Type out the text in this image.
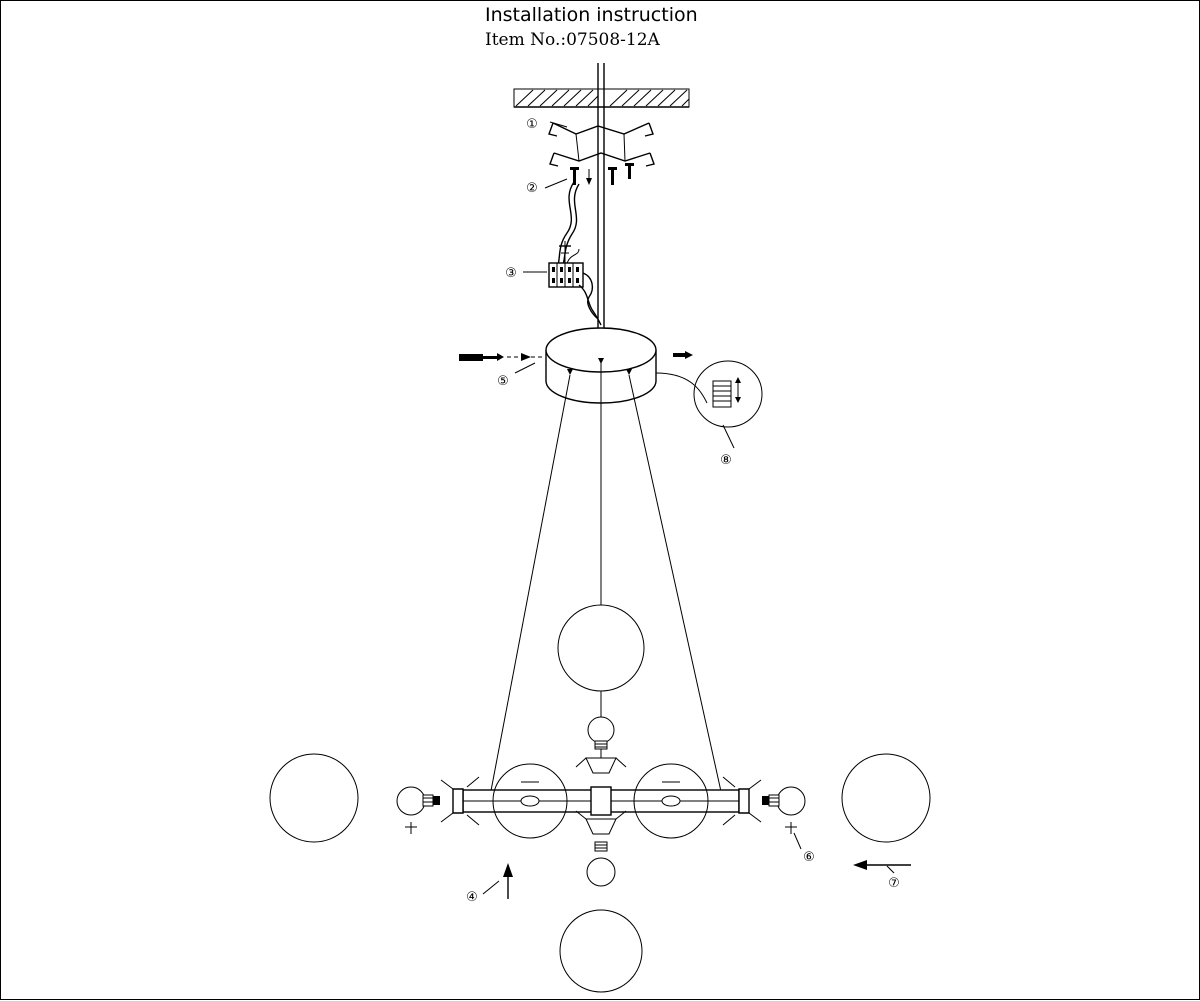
Installation instruction
Item No.:07508-12A
①
②
③
④
⑤
⑥
⑦
⑧
